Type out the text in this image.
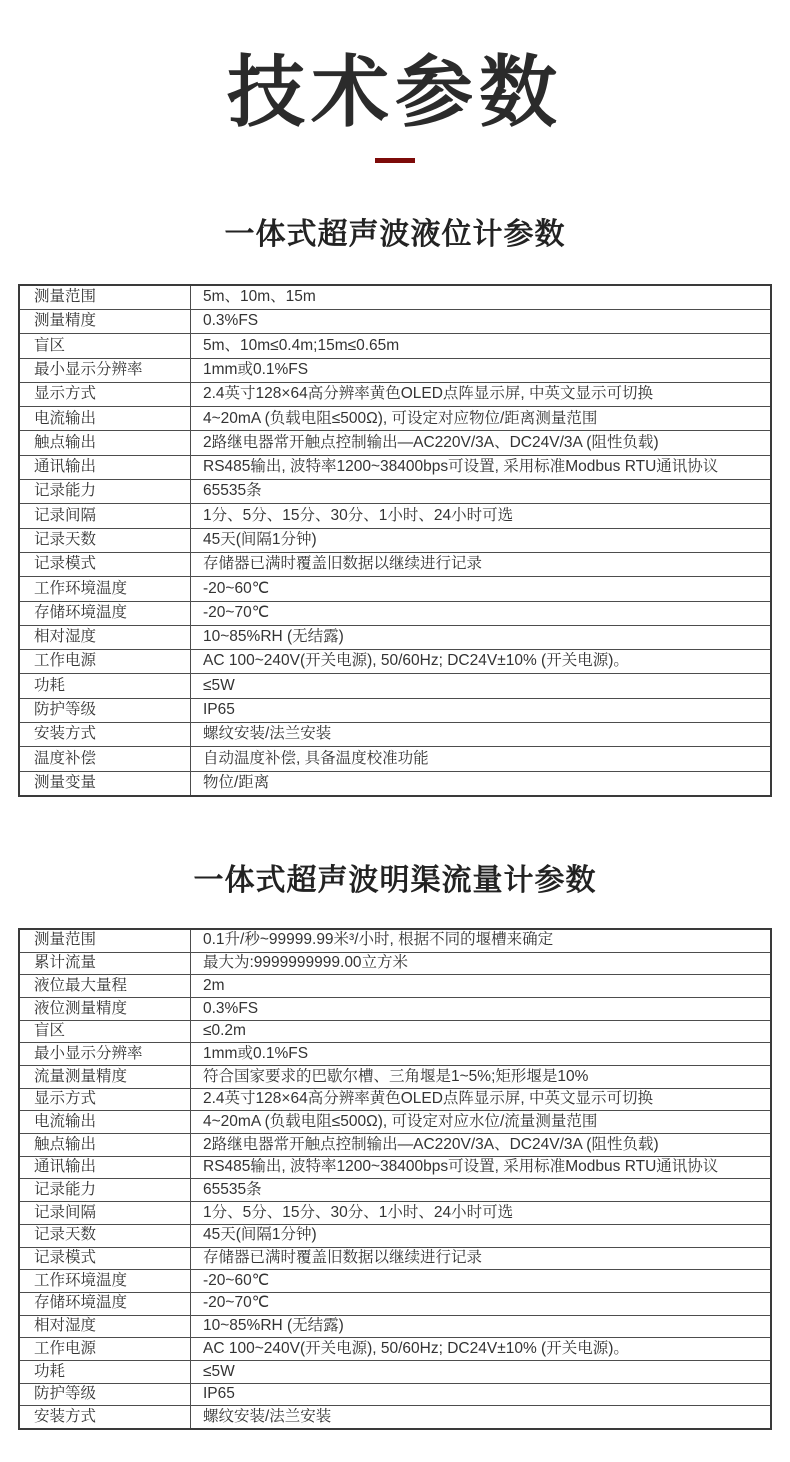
技术参数
一体式超声波液位计参数
测量范围	5m、10m、15m
测量精度	0.3%FS
盲区	5m、10m≤0.4m;15m≤0.65m
最小显示分辨率	1mm或0.1%FS
显示方式	2.4英寸128×64高分辨率黄色OLED点阵显示屏, 中英文显示可切换
电流输出	4~20mA (负载电阻≤500Ω), 可设定对应物位/距离测量范围
触点输出	2路继电器常开触点控制输出—AC220V/3A、DC24V/3A (阻性负载)
通讯输出	RS485输出, 波特率1200~38400bps可设置, 采用标准Modbus RTU通讯协议
记录能力	65535条
记录间隔	1分、5分、15分、30分、1小时、24小时可选
记录天数	45天(间隔1分钟)
记录模式	存储器已满时覆盖旧数据以继续进行记录
工作环境温度	-20~60℃
存储环境温度	-20~70℃
相对湿度	10~85%RH (无结露)
工作电源	AC 100~240V(开关电源), 50/60Hz; DC24V±10% (开关电源)。
功耗	≤5W
防护等级	IP65
安装方式	螺纹安装/法兰安装
温度补偿	自动温度补偿, 具备温度校准功能
测量变量	物位/距离
一体式超声波明渠流量计参数
测量范围	0.1升/秒~99999.99米³/小时, 根据不同的堰槽来确定
累计流量	最大为:9999999999.00立方米
液位最大量程	2m
液位测量精度	0.3%FS
盲区	≤0.2m
最小显示分辨率	1mm或0.1%FS
流量测量精度	符合国家要求的巴歇尔槽、三角堰是1~5%;矩形堰是10%
显示方式	2.4英寸128×64高分辨率黄色OLED点阵显示屏, 中英文显示可切换
电流输出	4~20mA (负载电阻≤500Ω), 可设定对应水位/流量测量范围
触点输出	2路继电器常开触点控制输出—AC220V/3A、DC24V/3A (阻性负载)
通讯输出	RS485输出, 波特率1200~38400bps可设置, 采用标准Modbus RTU通讯协议
记录能力	65535条
记录间隔	1分、5分、15分、30分、1小时、24小时可选
记录天数	45天(间隔1分钟)
记录模式	存储器已满时覆盖旧数据以继续进行记录
工作环境温度	-20~60℃
存储环境温度	-20~70℃
相对湿度	10~85%RH (无结露)
工作电源	AC 100~240V(开关电源), 50/60Hz; DC24V±10% (开关电源)。
功耗	≤5W
防护等级	IP65
安装方式	螺纹安装/法兰安装
